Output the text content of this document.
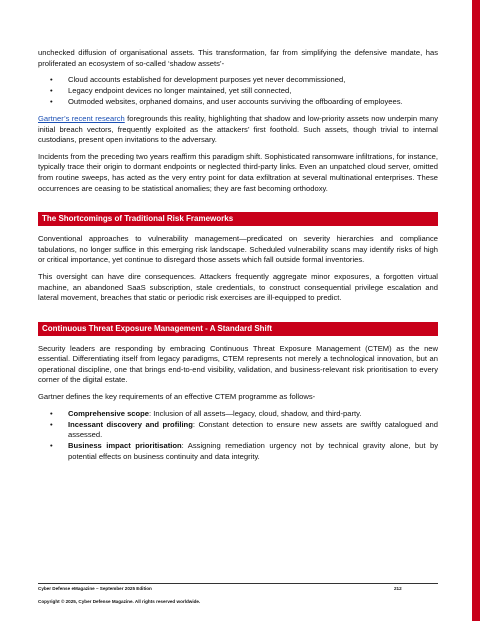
unchecked diffusion of organisational assets. This transformation, far from simplifying the defensive mandate, has proliferated an ecosystem of so-called ‘shadow assets’-

• Cloud accounts established for development purposes yet never decommissioned,
• Legacy endpoint devices no longer maintained, yet still connected,
• Outmoded websites, orphaned domains, and user accounts surviving the offboarding of employees.

Gartner’s recent research foregrounds this reality, highlighting that shadow and low-priority assets now underpin many initial breach vectors, frequently exploited as the attackers’ first foothold. Such assets, though trivial to internal custodians, present open invitations to the adversary.

Incidents from the preceding two years reaffirm this paradigm shift. Sophisticated ransomware infiltrations, for instance, typically trace their origin to dormant endpoints or neglected third-party links. Even an unpatched cloud server, omitted from routine sweeps, has acted as the very entry point for data exfiltration at several multinational enterprises. These occurrences are ceasing to be statistical anomalies; they are fast becoming orthodoxy.

The Shortcomings of Traditional Risk Frameworks

Conventional approaches to vulnerability management—predicated on severity hierarchies and compliance tabulations, no longer suffice in this emerging risk landscape. Scheduled vulnerability scans may identify risks of high or critical importance, yet continue to disregard those assets which fall outside formal inventories.

This oversight can have dire consequences. Attackers frequently aggregate minor exposures, a forgotten virtual machine, an abandoned SaaS subscription, stale credentials, to construct consequential privilege escalation and lateral movement, breaches that static or periodic risk exercises are ill-equipped to predict.

Continuous Threat Exposure Management - A Standard Shift

Security leaders are responding by embracing Continuous Threat Exposure Management (CTEM) as the new essential. Differentiating itself from legacy paradigms, CTEM represents not merely a technological innovation, but an operational discipline, one that brings end-to-end visibility, validation, and business-relevant risk prioritisation to every corner of the digital estate.

Gartner defines the key requirements of an effective CTEM programme as follows-

• Comprehensive scope: Inclusion of all assets—legacy, cloud, shadow, and third-party.
• Incessant discovery and profiling: Constant detection to ensure new assets are swiftly catalogued and assessed.
• Business impact prioritisation: Assigning remediation urgency not by technical gravity alone, but by potential effects on business continuity and data integrity.
Cyber Defense eMagazine – September 2025 Edition	212
Copyright © 2025, Cyber Defense Magazine. All rights reserved worldwide.
